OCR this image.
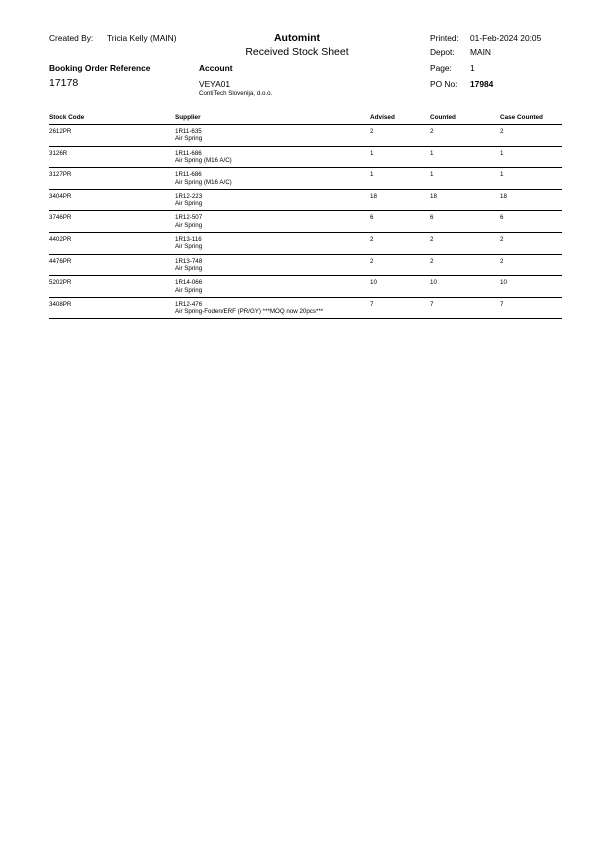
Created By: Tricia Kelly (MAIN)	Automint
Received Stock Sheet
Printed: 01-Feb-2024 20:05
Depot: MAIN
Page: 1
Booking Order Reference
17178
Account
VEYA01
ContiTech Slovenija, d.o.o.
PO No: 17984
Stock Code	Supplier	Advised	Counted	Case Counted
2612PR	1R11-635
Air Spring	2	2	2
3126R	1R11-686
Air Spring (M16 A/C)	1	1	1
3127PR	1R11-686
Air Spring (M16 A/C)	1	1	1
3404PR	1R12-223
Air Spring	18	18	18
3746PR	1R12-507
Air Spring	6	6	6
4402PR	1R13-116
Air Spring	2	2	2
4476PR	1R13-748
Air Spring	2	2	2
5202PR	1R14-066
Air Spring	10	10	10
3408PR	1R12-476
Air Spring-Foden/ERF (PR/GY) ***MOQ now 20pcs***	7	7	7
